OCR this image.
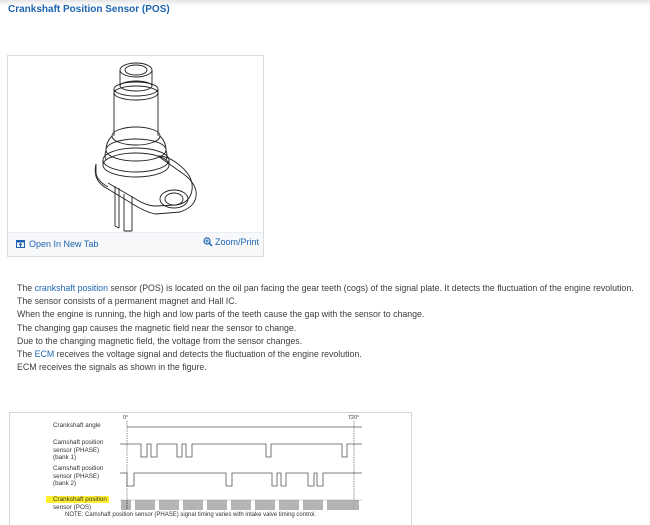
Crankshaft Position Sensor (POS)
Open In New Tab	Zoom/Print

The crankshaft position sensor (POS) is located on the oil pan facing the gear teeth (cogs) of the signal plate. It detects the fluctuation of the engine revolution.

The sensor consists of a permanent magnet and Hall IC.

When the engine is running, the high and low parts of the teeth cause the gap with the sensor to change.

The changing gap causes the magnetic field near the sensor to change.

Due to the changing magnetic field, the voltage from the sensor changes.

The ECM receives the voltage signal and detects the fluctuation of the engine revolution.

ECM receives the signals as shown in the figure.

Crankshaft angle
0°	720°
Camshaft position
sensor (PHASE)
(bank 1)
Camshaft position
sensor (PHASE)
(bank 2)
Crankshaft position
sensor (POS)
NOTE: Camshaft position sensor (PHASE) signal timing varies with intake valve timing control.
